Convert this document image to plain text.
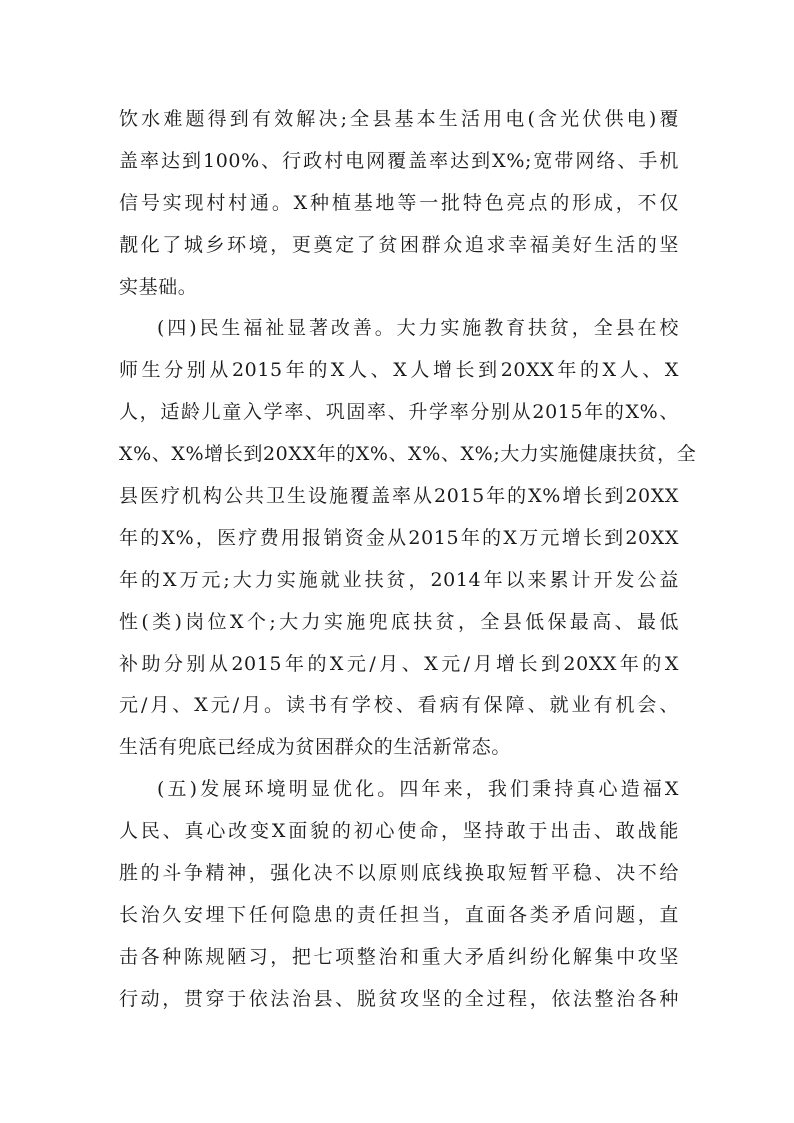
饮水难题得到有效解决;全县基本生活用电(含光伏供电)覆
盖率达到100%、行政村电网覆盖率达到X%;宽带网络、手机
信号实现村村通。X种植基地等一批特色亮点的形成，不仅
靓化了城乡环境，更奠定了贫困群众追求幸福美好生活的坚
实基础。
(四)民生福祉显著改善。大力实施教育扶贫，全县在校
师生分别从2015年的X人、X人增长到20XX年的X人、X
人，适龄儿童入学率、巩固率、升学率分别从2015年的X%、
X%、X%增长到20XX年的X%、X%、X%;大力实施健康扶贫，全
县医疗机构公共卫生设施覆盖率从2015年的X%增长到20XX
年的X%，医疗费用报销资金从2015年的X万元增长到20XX
年的X万元;大力实施就业扶贫，2014年以来累计开发公益
性(类)岗位X个;大力实施兜底扶贫，全县低保最高、最低
补助分别从2015年的X元/月、X元/月增长到20XX年的X
元/月、X元/月。读书有学校、看病有保障、就业有机会、
生活有兜底已经成为贫困群众的生活新常态。
(五)发展环境明显优化。四年来，我们秉持真心造福X
人民、真心改变X面貌的初心使命，坚持敢于出击、敢战能
胜的斗争精神，强化决不以原则底线换取短暂平稳、决不给
长治久安埋下任何隐患的责任担当，直面各类矛盾问题，直
击各种陈规陋习，把七项整治和重大矛盾纠纷化解集中攻坚
行动，贯穿于依法治县、脱贫攻坚的全过程，依法整治各种
